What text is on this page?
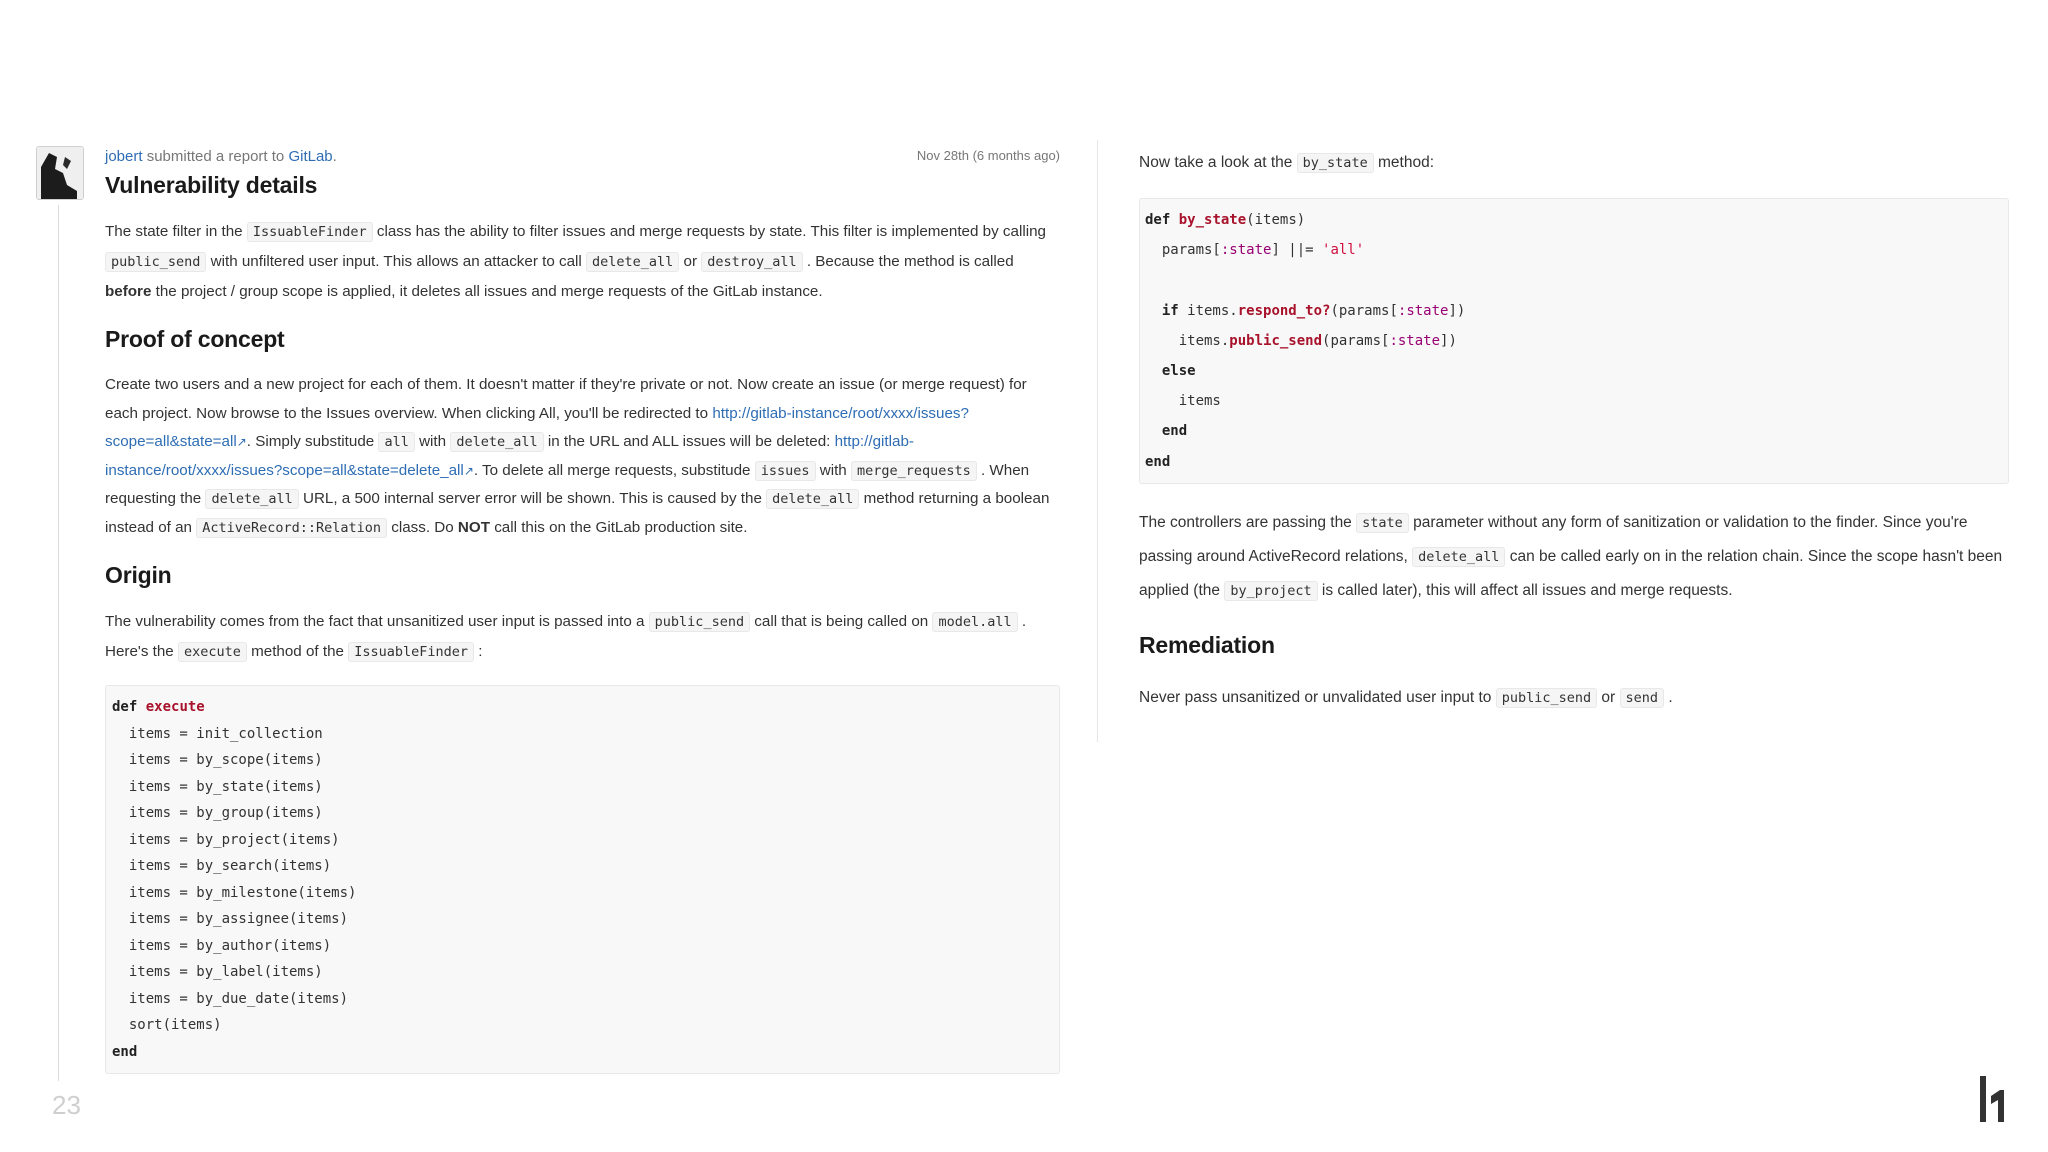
jobert submitted a report to GitLab.	Nov 28th (6 months ago)
Vulnerability details

The state filter in the IssuableFinder class has the ability to filter issues and merge requests by state. This filter is implemented by calling public_send with unfiltered user input. This allows an attacker to call delete_all or destroy_all . Because the method is called before the project / group scope is applied, it deletes all issues and merge requests of the GitLab instance.

Proof of concept

Create two users and a new project for each of them. It doesn't matter if they're private or not. Now create an issue (or merge request) for each project. Now browse to the Issues overview. When clicking All, you'll be redirected to http://gitlab-instance/root/xxxx/issues?scope=all&state=all↗. Simply substitude all with delete_all in the URL and ALL issues will be deleted: http://gitlab-instance/root/xxxx/issues?scope=all&state=delete_all↗. To delete all merge requests, substitude issues with merge_requests . When requesting the delete_all URL, a 500 internal server error will be shown. This is caused by the delete_all method returning a boolean instead of an ActiveRecord::Relation class. Do NOT call this on the GitLab production site.

Origin

The vulnerability comes from the fact that unsanitized user input is passed into a public_send call that is being called on model.all . Here's the execute method of the IssuableFinder :

def execute
items = init_collection
items = by_scope(items)
items = by_state(items)
items = by_group(items)
items = by_project(items)
items = by_search(items)
items = by_milestone(items)
items = by_assignee(items)
items = by_author(items)
items = by_label(items)
items = by_due_date(items)
sort(items)
end

Now take a look at the by_state method:

def by_state(items)
params[:state] ||= 'all'

if items.respond_to?(params[:state])
items.public_send(params[:state])
else
items
end
end

The controllers are passing the state parameter without any form of sanitization or validation to the finder. Since you're passing around ActiveRecord relations, delete_all can be called early on in the relation chain. Since the scope hasn't been applied (the by_project is called later), this will affect all issues and merge requests.

Remediation

Never pass unsanitized or unvalidated user input to public_send or send .

23
